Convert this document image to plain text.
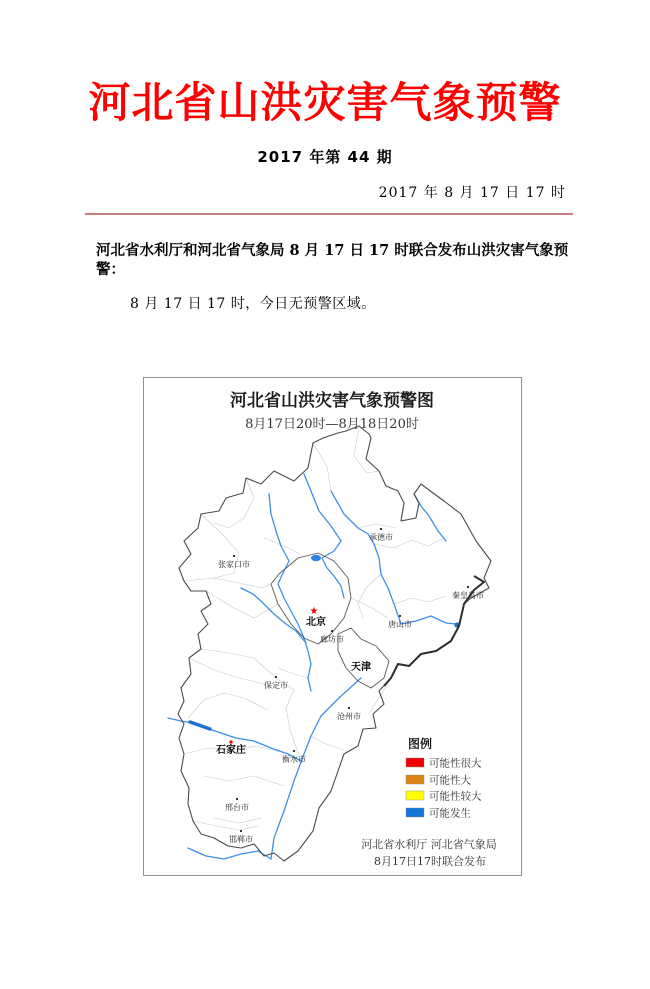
河北省山洪灾害气象预警
2017 年第 44 期
2017 年 8 月 17 日 17 时
河北省水利厅和河北省气象局 8 月 17 日 17 时联合发布山洪灾害气象预警：
8 月 17 日 17 时，今日无预警区域。
河北省山洪灾害气象预警图
8月17日20时—8月18日20时
★
承德市
张家口市
秦皇岛市
北京	唐山市
廊坊市
天津
保定市
沧州市
石家庄
衡水市
邢台市
邯郸市
图例
可能性很大
可能性大
可能性较大
可能发生
河北省水利厅 河北省气象局
8月17日17时联合发布
